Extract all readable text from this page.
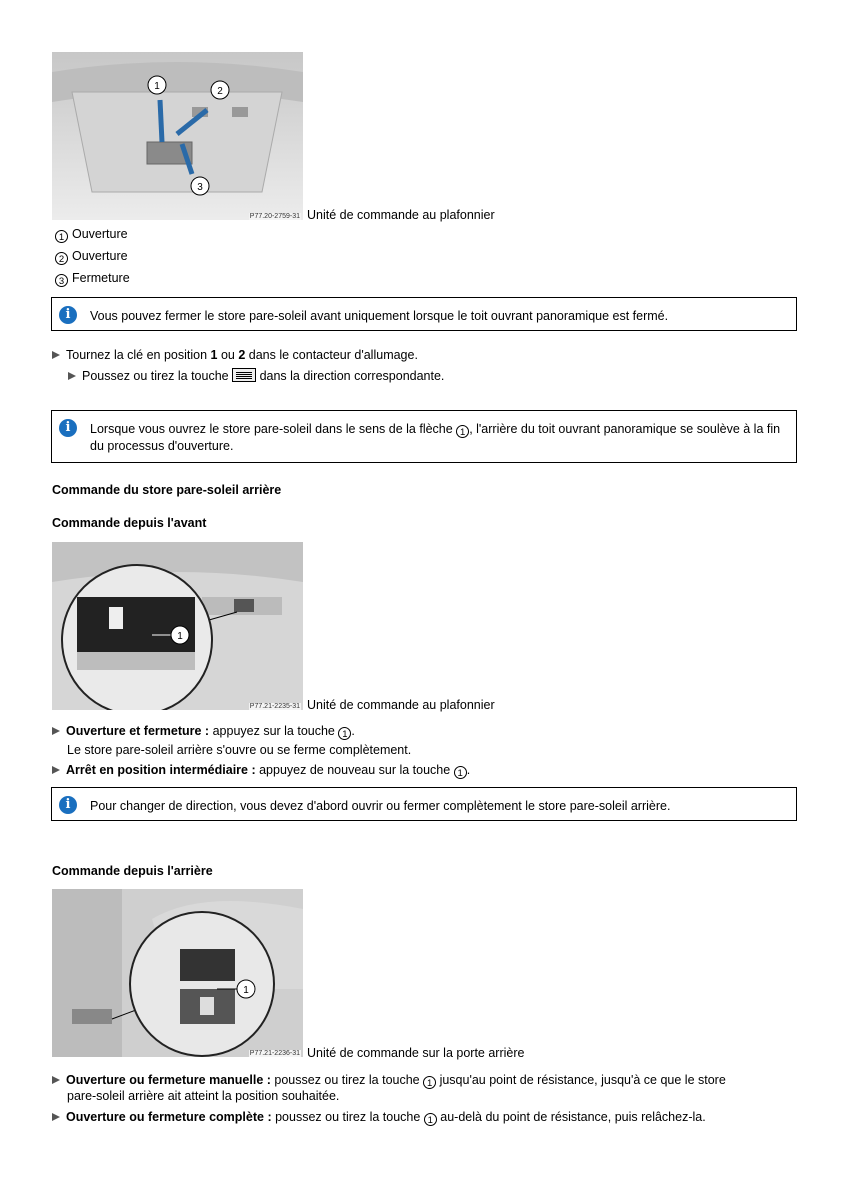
1	2
3
P77.20-2759-31 Unité de commande au plafonnier
1 Ouverture
2 Ouverture
3 Fermeture
i	Vous pouvez fermer le store pare-soleil avant uniquement lorsque le toit ouvrant panoramique est fermé.
Tournez la clé en position 1 ou 2 dans le contacteur d'allumage.
Poussez ou tirez la touche  dans la direction correspondante.
i	Lorsque vous ouvrez le store pare-soleil dans le sens de la flèche 1 , l'arrière du toit ouvrant panoramique se soulève à la fin du processus d'ouverture.
Commande du store pare-soleil arrière
Commande depuis l'avant
1
P77.21-2235-31 Unité de commande au plafonnier
Ouverture et fermeture : appuyez sur la touche 1 .
Le store pare-soleil arrière s'ouvre ou se ferme complètement.
Arrêt en position intermédiaire : appuyez de nouveau sur la touche 1 .
i	Pour changer de direction, vous devez d'abord ouvrir ou fermer complètement le store pare-soleil arrière.
Commande depuis l'arrière
1
P77.21-2236-31 Unité de commande sur la porte arrière
Ouverture ou fermeture manuelle : poussez ou tirez la touche 1 jusqu'au point de résistance, jusqu'à ce que le store
pare-soleil arrière ait atteint la position souhaitée.
Ouverture ou fermeture complète : poussez ou tirez la touche 1 au-delà du point de résistance, puis relâchez-la.
